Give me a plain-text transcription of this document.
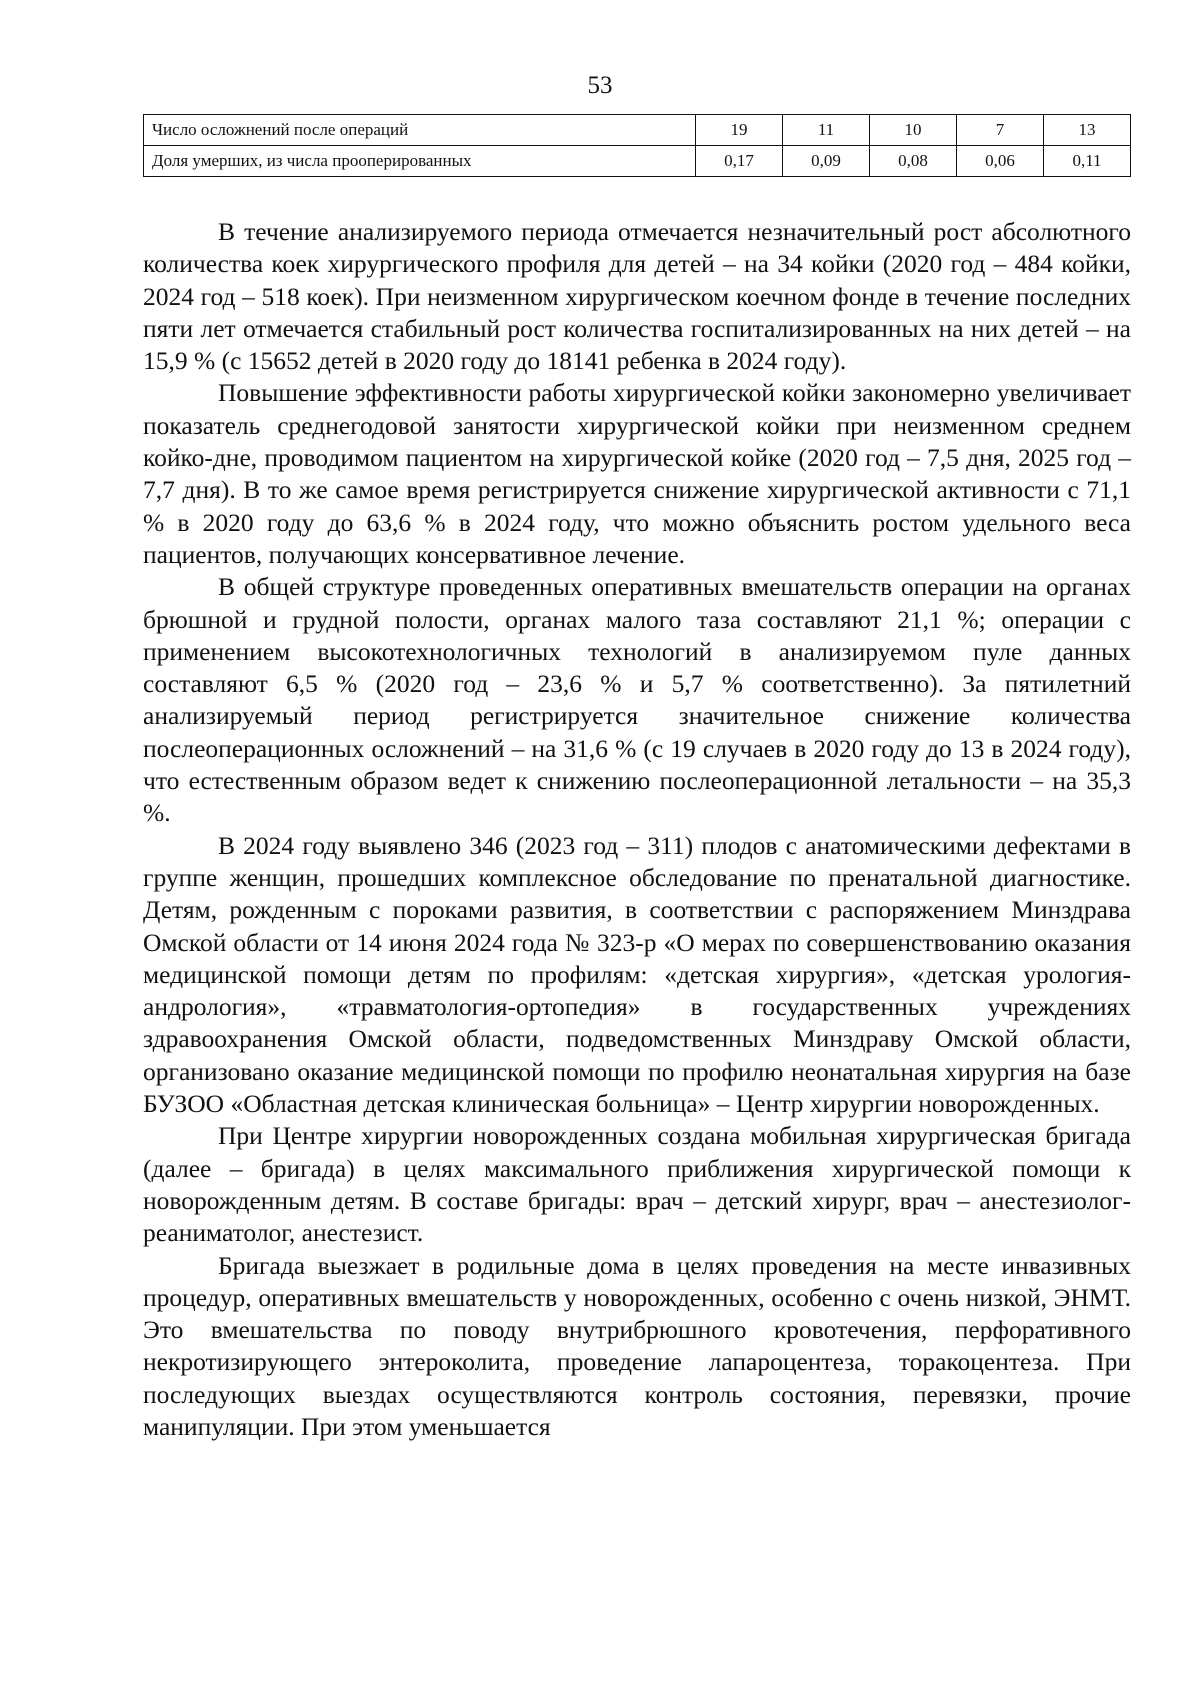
53
Число осложнений после операций	19	11	10	7	13
Доля умерших, из числа прооперированных	0,17	0,09	0,08	0,06	0,11

В течение анализируемого периода отмечается незначительный рост абсолютного количества коек хирургического профиля для детей – на 34 койки (2020 год – 484 койки, 2024 год – 518 коек). При неизменном хирургическом коечном фонде в течение последних пяти лет отмечается стабильный рост количества госпитализированных на них детей – на 15,9 % (с 15652 детей в 2020 году до 18141 ребенка в 2024 году).

Повышение эффективности работы хирургической койки закономерно увеличивает показатель среднегодовой занятости хирургической койки при неизменном среднем койко-дне, проводимом пациентом на хирургической койке (2020 год – 7,5 дня, 2025 год – 7,7 дня). В то же самое время регистрируется снижение хирургической активности с 71,1 % в 2020 году до 63,6 % в 2024 году, что можно объяснить ростом удельного веса пациентов, получающих консервативное лечение.

В общей структуре проведенных оперативных вмешательств операции на органах брюшной и грудной полости, органах малого таза составляют 21,1 %; операции с применением высокотехнологичных технологий в анализируемом пуле данных составляют 6,5 % (2020 год – 23,6 % и 5,7 % соответственно). За пятилетний анализируемый период регистрируется значительное снижение количества послеоперационных осложнений – на 31,6 % (с 19 случаев в 2020 году до 13 в 2024 году), что естественным образом ведет к снижению послеоперационной летальности – на 35,3 %.

В 2024 году выявлено 346 (2023 год – 311) плодов с анатомическими дефектами в группе женщин, прошедших комплексное обследование по пренатальной диагностике. Детям, рожденным с пороками развития, в соответствии с распоряжением Минздрава Омской области от 14 июня 2024 года № 323-р «О мерах по совершенствованию оказания медицинской помощи детям по профилям: «детская хирургия», «детская урология-андрология», «травматология-ортопедия» в государственных учреждениях здравоохранения Омской области, подведомственных Минздраву Омской области, организовано оказание медицинской помощи по профилю неонатальная хирургия на базе БУЗОО «Областная детская клиническая больница» – Центр хирургии новорожденных.

При Центре хирургии новорожденных создана мобильная хирургическая бригада (далее – бригада) в целях максимального приближения хирургической помощи к новорожденным детям. В составе бригады: врач – детский хирург, врач – анестезиолог-реаниматолог, анестезист.

Бригада выезжает в родильные дома в целях проведения на месте инвазивных процедур, оперативных вмешательств у новорожденных, особенно с очень низкой, ЭНМТ. Это вмешательства по поводу внутрибрюшного кровотечения, перфоративного некротизирующего энтероколита, проведение лапароцентеза, торакоцентеза. При последующих выездах осуществляются контроль состояния, перевязки, прочие манипуляции. При этом уменьшается
